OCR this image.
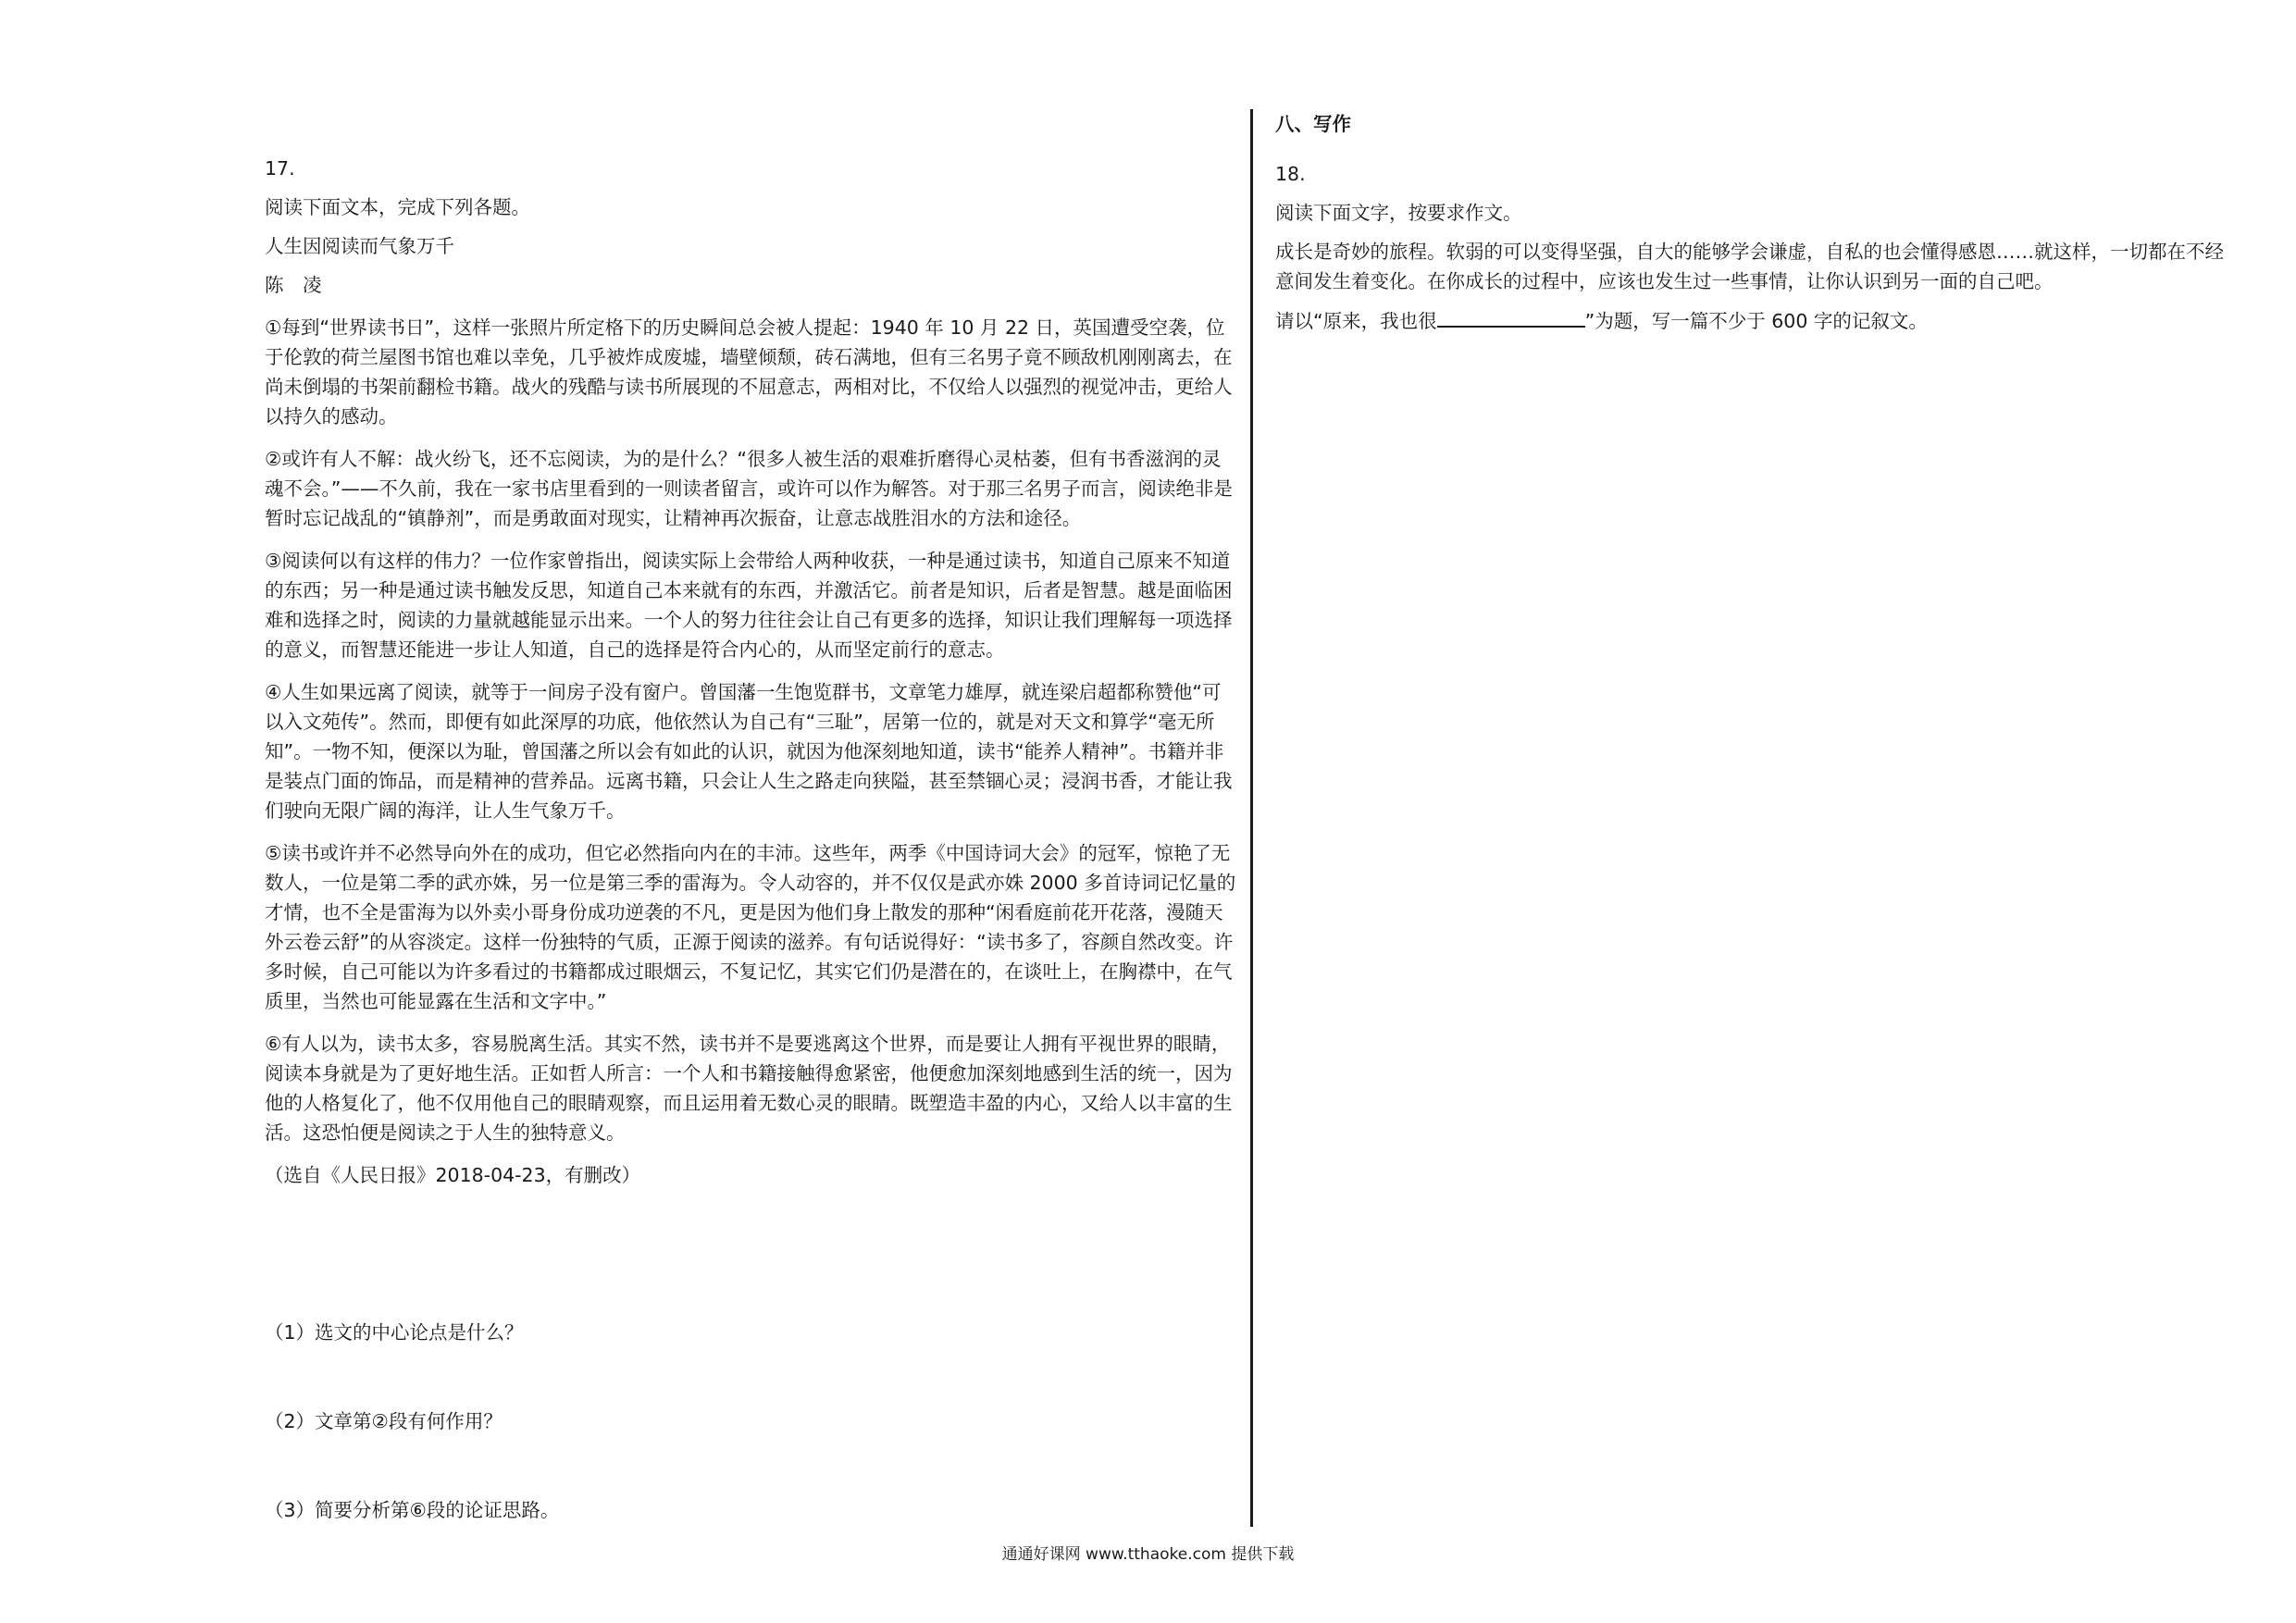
17.

阅读下面文本，完成下列各题。

人生因阅读而气象万千

陈　凌

①每到“世界读书日”，这样一张照片所定格下的历史瞬间总会被人提起：1940 年 10 月 22 日，英国遭受空袭，位于伦敦的荷兰屋图书馆也难以幸免，几乎被炸成废墟，墙壁倾颓，砖石满地，但有三名男子竟不顾敌机刚刚离去，在尚未倒塌的书架前翻检书籍。战火的残酷与读书所展现的不屈意志，两相对比，不仅给人以强烈的视觉冲击，更给人以持久的感动。

②或许有人不解：战火纷飞，还不忘阅读，为的是什么？“很多人被生活的艰难折磨得心灵枯萎，但有书香滋润的灵魂不会。”——不久前，我在一家书店里看到的一则读者留言，或许可以作为解答。对于那三名男子而言，阅读绝非是暂时忘记战乱的“镇静剂”，而是勇敢面对现实，让精神再次振奋，让意志战胜泪水的方法和途径。

③阅读何以有这样的伟力？一位作家曾指出，阅读实际上会带给人两种收获，一种是通过读书，知道自己原来不知道的东西；另一种是通过读书触发反思，知道自己本来就有的东西，并激活它。前者是知识，后者是智慧。越是面临困难和选择之时，阅读的力量就越能显示出来。一个人的努力往往会让自己有更多的选择，知识让我们理解每一项选择的意义，而智慧还能进一步让人知道，自己的选择是符合内心的，从而坚定前行的意志。

④人生如果远离了阅读，就等于一间房子没有窗户。曾国藩一生饱览群书，文章笔力雄厚，就连梁启超都称赞他“可以入文苑传”。然而，即便有如此深厚的功底，他依然认为自己有“三耻”，居第一位的，就是对天文和算学“毫无所知”。一物不知，便深以为耻，曾国藩之所以会有如此的认识，就因为他深刻地知道，读书“能养人精神”。书籍并非是装点门面的饰品，而是精神的营养品。远离书籍，只会让人生之路走向狭隘，甚至禁锢心灵；浸润书香，才能让我们驶向无限广阔的海洋，让人生气象万千。

⑤读书或许并不必然导向外在的成功，但它必然指向内在的丰沛。这些年，两季《中国诗词大会》的冠军，惊艳了无数人，一位是第二季的武亦姝，另一位是第三季的雷海为。令人动容的，并不仅仅是武亦姝 2000 多首诗词记忆量的才情，也不全是雷海为以外卖小哥身份成功逆袭的不凡，更是因为他们身上散发的那种“闲看庭前花开花落，漫随天外云卷云舒”的从容淡定。这样一份独特的气质，正源于阅读的滋养。有句话说得好：“读书多了，容颜自然改变。许多时候，自己可能以为许多看过的书籍都成过眼烟云，不复记忆，其实它们仍是潜在的，在谈吐上，在胸襟中，在气质里，当然也可能显露在生活和文字中。”

⑥有人以为，读书太多，容易脱离生活。其实不然，读书并不是要逃离这个世界，而是要让人拥有平视世界的眼睛，阅读本身就是为了更好地生活。正如哲人所言：一个人和书籍接触得愈紧密，他便愈加深刻地感到生活的统一，因为他的人格复化了，他不仅用他自己的眼睛观察，而且运用着无数心灵的眼睛。既塑造丰盈的内心，又给人以丰富的生活。这恐怕便是阅读之于人生的独特意义。

（选自《人民日报》2018-04-23，有删改）

（1）选文的中心论点是什么？

（2）文章第②段有何作用？

（3）简要分析第⑥段的论证思路。

八、写作

18.

阅读下面文字，按要求作文。

成长是奇妙的旅程。软弱的可以变得坚强，自大的能够学会谦虚，自私的也会懂得感恩……就这样，一切都在不经意间发生着变化。在你成长的过程中，应该也发生过一些事情，让你认识到另一面的自己吧。

请以“原来，我也很	”为题，写一篇不少于 600 字的记叙文。

通通好课网 www.tthaoke.com 提供下载
